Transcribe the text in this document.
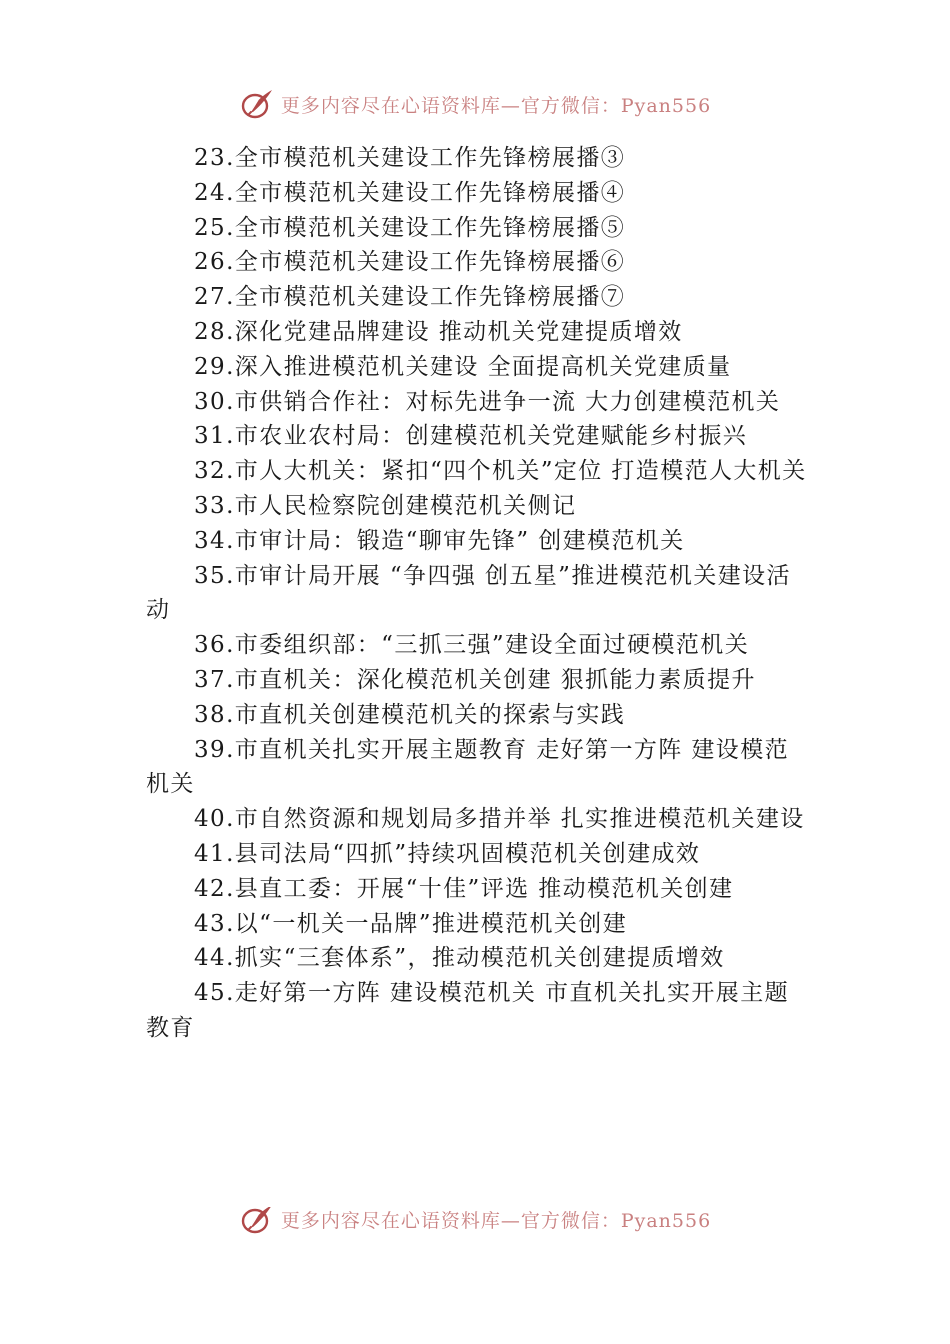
更多内容尽在心语资料库—官方微信：Pyan556

23.全市模范机关建设工作先锋榜展播③

24.全市模范机关建设工作先锋榜展播④

25.全市模范机关建设工作先锋榜展播⑤

26.全市模范机关建设工作先锋榜展播⑥

27.全市模范机关建设工作先锋榜展播⑦

28.深化党建品牌建设 推动机关党建提质增效

29.深入推进模范机关建设 全面提高机关党建质量

30.市供销合作社：对标先进争一流 大力创建模范机关

31.市农业农村局：创建模范机关党建赋能乡村振兴

32.市人大机关：紧扣“四个机关”定位 打造模范人大机关

33.市人民检察院创建模范机关侧记

34.市审计局：锻造“聊审先锋” 创建模范机关

35.市审计局开展 “争四强 创五星”推进模范机关建设活动

36.市委组织部：“三抓三强”建设全面过硬模范机关

37.市直机关：深化模范机关创建 狠抓能力素质提升

38.市直机关创建模范机关的探索与实践

39.市直机关扎实开展主题教育 走好第一方阵 建设模范机关

40.市自然资源和规划局多措并举 扎实推进模范机关建设

41.县司法局“四抓”持续巩固模范机关创建成效

42.县直工委：开展“十佳”评选 推动模范机关创建

43.以“一机关一品牌”推进模范机关创建

44.抓实“三套体系”，推动模范机关创建提质增效

45.走好第一方阵 建设模范机关 市直机关扎实开展主题教育

更多内容尽在心语资料库—官方微信：Pyan556
